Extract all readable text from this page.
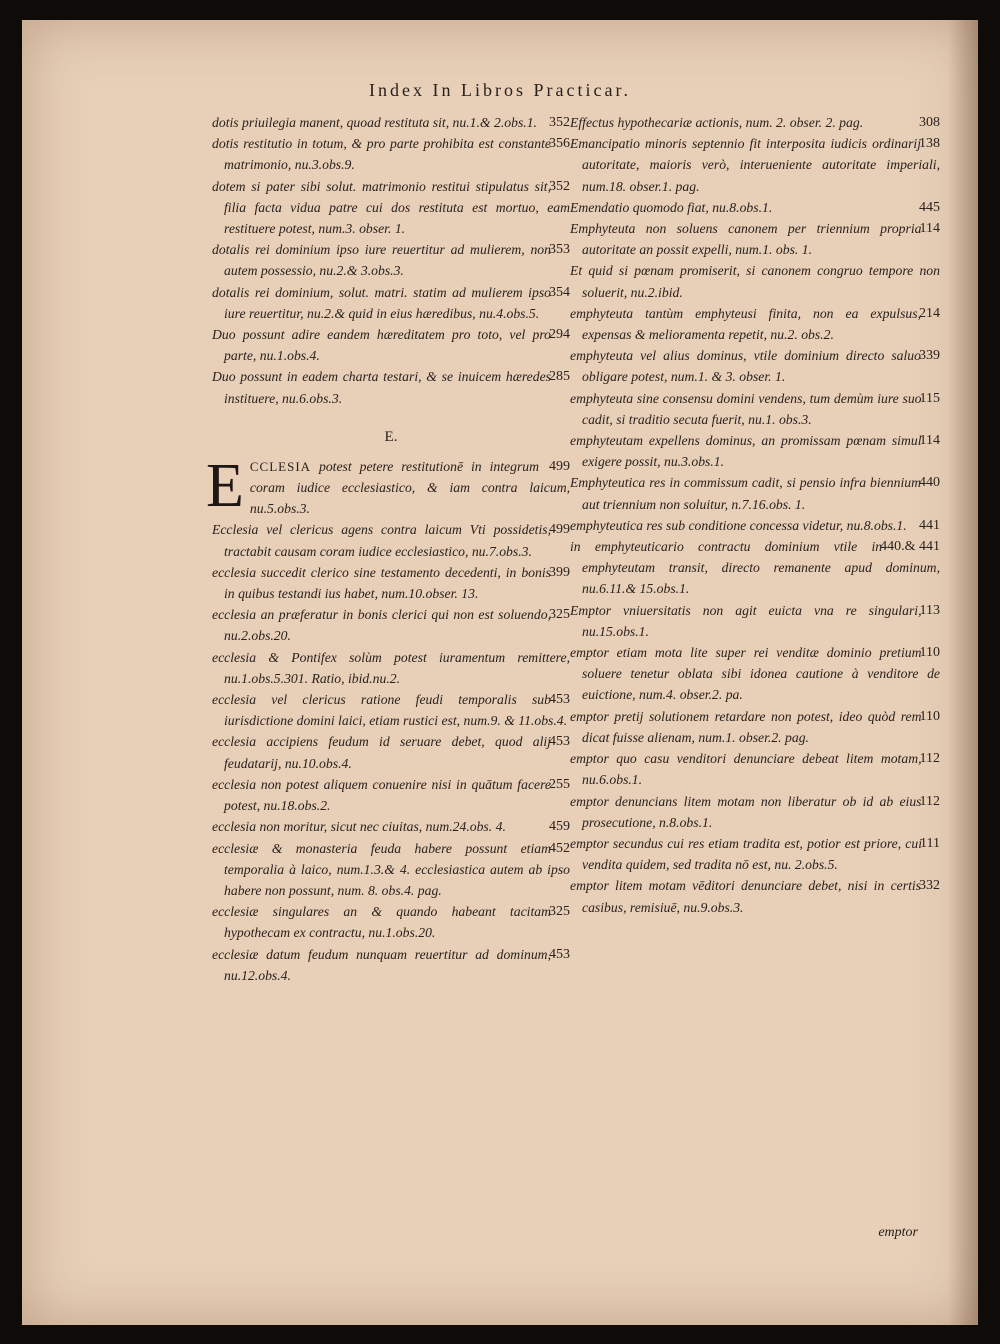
Index In Libros Practicar.

352
dotis priuilegia manent, quoad restituta sit, nu.1.& 2.obs.1.

356
dotis restitutio in totum, & pro parte prohibita est constante matrimonio, nu.3.obs.9.

352
dotem si pater sibi solut. matrimonio restitui stipulatus sit, filia facta vidua patre cui dos restituta est mortuo, eam restituere potest, num.3. obser. 1.

353
dotalis rei dominium ipso iure reuertitur ad mulierem, non autem possessio, nu.2.& 3.obs.3.

354
dotalis rei dominium, solut. matri. statim ad mulierem ipso iure reuertitur, nu.2.& quid in eius hæredibus, nu.4.obs.5.

294
Duo possunt adire eandem hæreditatem pro toto, vel pro parte, nu.1.obs.4.

285
Duo possunt in eadem charta testari, & se inuicem hæredes instituere, nu.6.obs.3.

E.

499
E CCLESIA potest petere restitutionē in integrum coram iudice ecclesiastico, & iam contra laicum, nu.5.obs.3.

499
Ecclesia vel clericus agens contra laicum Vti possidetis, tractabit causam coram iudice ecclesiastico, nu.7.obs.3.

399
ecclesia succedit clerico sine testamento decedenti, in bonis in quibus testandi ius habet, num.10.obser. 13.

325
ecclesia an præferatur in bonis clerici qui non est soluendo, nu.2.obs.20.

ecclesia & Pontifex solùm potest iuramentum remittere, nu.1.obs.5.301. Ratio, ibid.nu.2.

453
ecclesia vel clericus ratione feudi temporalis sub iurisdictione domini laici, etiam rustici est, num.9. & 11.obs.4.

453
ecclesia accipiens feudum id seruare debet, quod alij feudatarij, nu.10.obs.4.

255
ecclesia non potest aliquem conuenire nisi in quātum facere potest, nu.18.obs.2.

459
ecclesia non moritur, sicut nec ciuitas, num.24.obs. 4.

452
ecclesiæ & monasteria feuda habere possunt etiam temporalia à laico, num.1.3.& 4. ecclesiastica autem ab ipso habere non possunt, num. 8. obs.4. pag.

325
ecclesiæ singulares an & quando habeant tacitam hypothecam ex contractu, nu.1.obs.20.

453
ecclesiæ datum feudum nunquam reuertitur ad dominum, nu.12.obs.4.

308
Effectus hypothecariæ actionis, num. 2. obser. 2. pag.

138
Emancipatio minoris septennio fit interposita iudicis ordinarij autoritate, maioris verò, interueniente autoritate imperiali, num.18. obser.1. pag.

445
Emendatio quomodo fiat, nu.8.obs.1.

114
Emphyteuta non soluens canonem per triennium propria autoritate an possit expelli, num.1. obs. 1.

Et quid si pœnam promiserit, si canonem congruo tempore non soluerit, nu.2.ibid.

214
emphyteuta tantùm emphyteusi finita, non ea expulsus, expensas & melioramenta repetit, nu.2. obs.2.

339
emphyteuta vel alius dominus, vtile dominium directo saluo obligare potest, num.1. & 3. obser. 1.

115
emphyteuta sine consensu domini vendens, tum demùm iure suo cadit, si traditio secuta fuerit, nu.1. obs.3.

114
emphyteutam expellens dominus, an promissam pœnam simul exigere possit, nu.3.obs.1.

440
Emphyteutica res in commissum cadit, si pensio infra biennium aut triennium non soluitur, n.7.16.obs. 1.

441
emphyteutica res sub conditione concessa videtur, nu.8.obs.1.

440.& 441
in emphyteuticario contractu dominium vtile in emphyteutam transit, directo remanente apud dominum, nu.6.11.& 15.obs.1.

113
Emptor vniuersitatis non agit euicta vna re singulari, nu.15.obs.1.

110
emptor etiam mota lite super rei venditæ dominio pretium soluere tenetur oblata sibi idonea cautione à venditore de euictione, num.4. obser.2. pa.

110
emptor pretij solutionem retardare non potest, ideo quòd rem dicat fuisse alienam, num.1. obser.2. pag.

112
emptor quo casu venditori denunciare debeat litem motam, nu.6.obs.1.

112
emptor denuncians litem motam non liberatur ob id ab eius prosecutione, n.8.obs.1.

111
emptor secundus cui res etiam tradita est, potior est priore, cui vendita quidem, sed tradita nō est, nu. 2.obs.5.

332
emptor litem motam vēditori denunciare debet, nisi in certis casibus, remisiuē, nu.9.obs.3.

emptor
